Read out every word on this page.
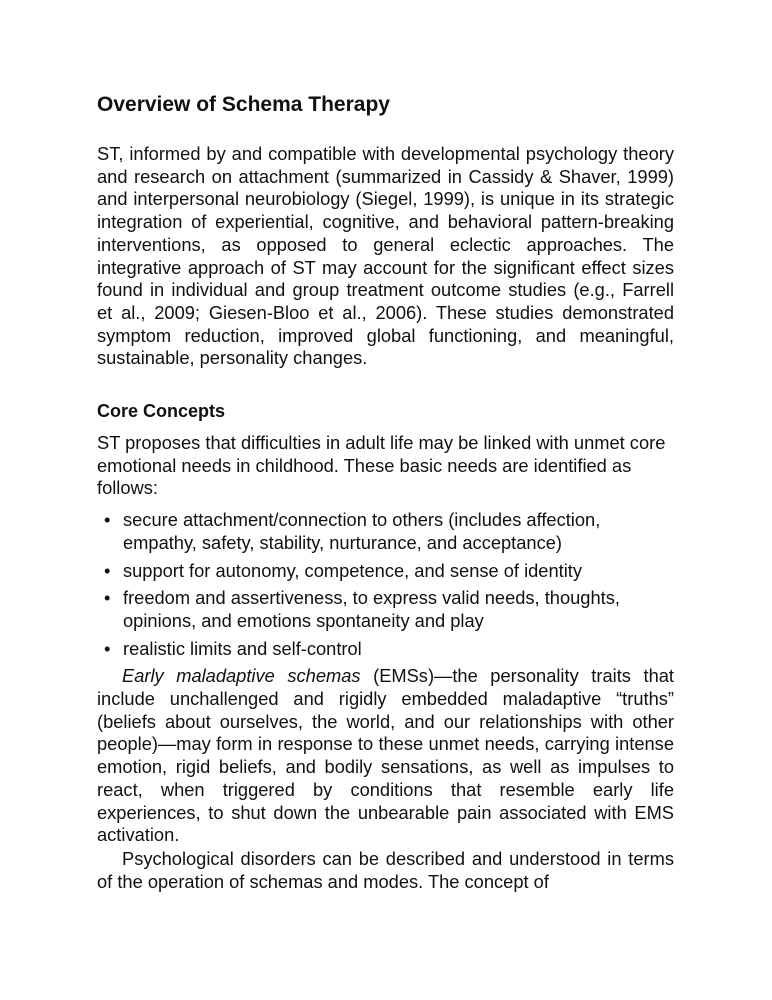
Overview of Schema Therapy

ST, informed by and compatible with developmental psychology theory and research on attachment (summarized in Cassidy & Shaver, 1999) and interpersonal neurobiology (Siegel, 1999), is unique in its strategic integration of experiential, cognitive, and behavioral pattern-breaking interventions, as opposed to general eclectic approaches. The integrative approach of ST may account for the significant effect sizes found in individual and group treatment outcome studies (e.g., Farrell et al., 2009; Giesen-Bloo et al., 2006). These studies demonstrated symptom reduction, improved global functioning, and meaningful, sustainable, personality changes.

Core Concepts

ST proposes that difficulties in adult life may be linked with unmet core emotional needs in childhood. These basic needs are identified as follows:

• secure attachment/connection to others (includes affection, empathy, safety, stability, nurturance, and acceptance)
• support for autonomy, competence, and sense of identity
• freedom and assertiveness, to express valid needs, thoughts, opinions, and emotions spontaneity and play
• realistic limits and self-control

Early maladaptive schemas (EMSs)—the personality traits that include unchallenged and rigidly embedded maladaptive “truths” (beliefs about ourselves, the world, and our relationships with other people)—may form in response to these unmet needs, carrying intense emotion, rigid beliefs, and bodily sensations, as well as impulses to react, when triggered by conditions that resemble early life experiences, to shut down the unbearable pain associated with EMS activation.

Psychological disorders can be described and understood in terms of the operation of schemas and modes. The concept of
